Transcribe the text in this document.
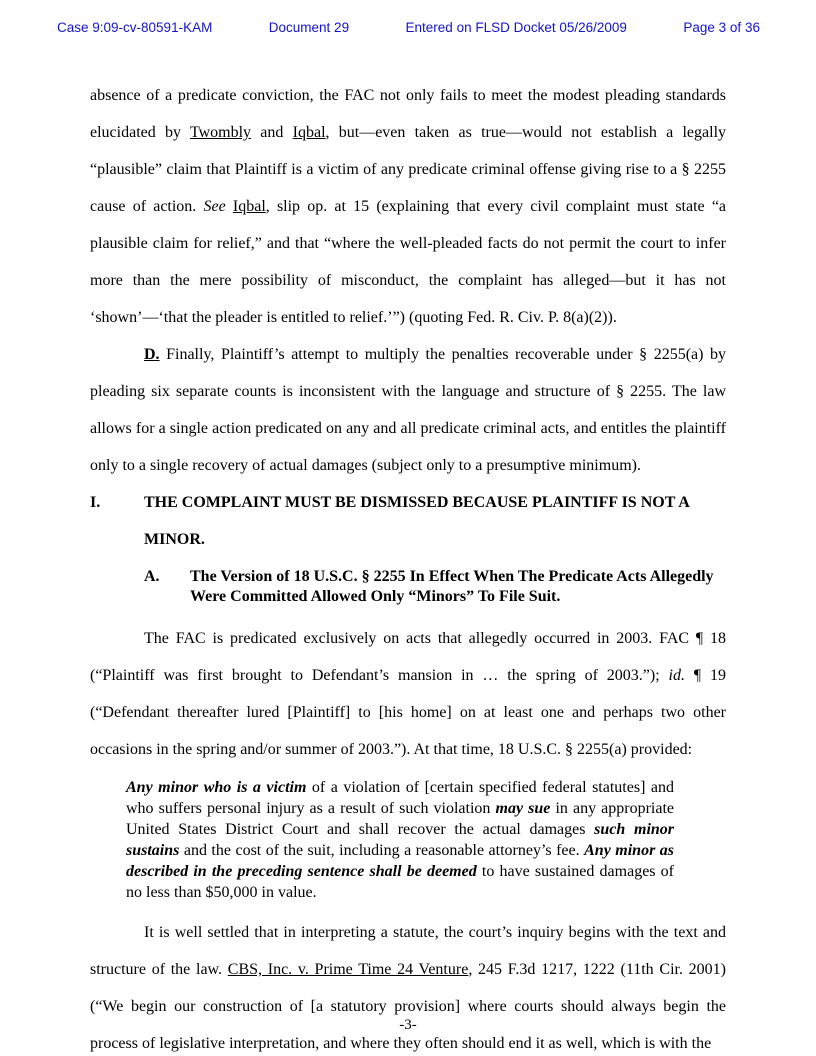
Case 9:09-cv-80591-KAM	Document 29	Entered on FLSD Docket 05/26/2009	Page 3 of 36

absence of a predicate conviction, the FAC not only fails to meet the modest pleading standards elucidated by Twombly and Iqbal, but—even taken as true—would not establish a legally “plausible” claim that Plaintiff is a victim of any predicate criminal offense giving rise to a § 2255 cause of action. See Iqbal, slip op. at 15 (explaining that every civil complaint must state “a plausible claim for relief,” and that “where the well-pleaded facts do not permit the court to infer more than the mere possibility of misconduct, the complaint has alleged—but it has not ‘shown’—‘that the pleader is entitled to relief.’”) (quoting Fed. R. Civ. P. 8(a)(2)).

D. Finally, Plaintiff’s attempt to multiply the penalties recoverable under § 2255(a) by pleading six separate counts is inconsistent with the language and structure of § 2255. The law allows for a single action predicated on any and all predicate criminal acts, and entitles the plaintiff only to a single recovery of actual damages (subject only to a presumptive minimum).

I.	THE COMPLAINT MUST BE DISMISSED BECAUSE PLAINTIFF IS NOT A MINOR.
A.	The Version of 18 U.S.C. § 2255 In Effect When The Predicate Acts Allegedly Were Committed Allowed Only “Minors” To File Suit.

The FAC is predicated exclusively on acts that allegedly occurred in 2003. FAC ¶ 18 (“Plaintiff was first brought to Defendant’s mansion in … the spring of 2003.”); id. ¶ 19 (“Defendant thereafter lured [Plaintiff] to [his home] on at least one and perhaps two other occasions in the spring and/or summer of 2003.”). At that time, 18 U.S.C. § 2255(a) provided:

Any minor who is a victim of a violation of [certain specified federal statutes] and who suffers personal injury as a result of such violation may sue in any appropriate United States District Court and shall recover the actual damages such minor sustains and the cost of the suit, including a reasonable attorney’s fee. Any minor as described in the preceding sentence shall be deemed to have sustained damages of no less than $50,000 in value.

It is well settled that in interpreting a statute, the court’s inquiry begins with the text and structure of the law. CBS, Inc. v. Prime Time 24 Venture, 245 F.3d 1217, 1222 (11th Cir. 2001) (“We begin our construction of [a statutory provision] where courts should always begin the process of legislative interpretation, and where they often should end it as well, which is with the

-3-
